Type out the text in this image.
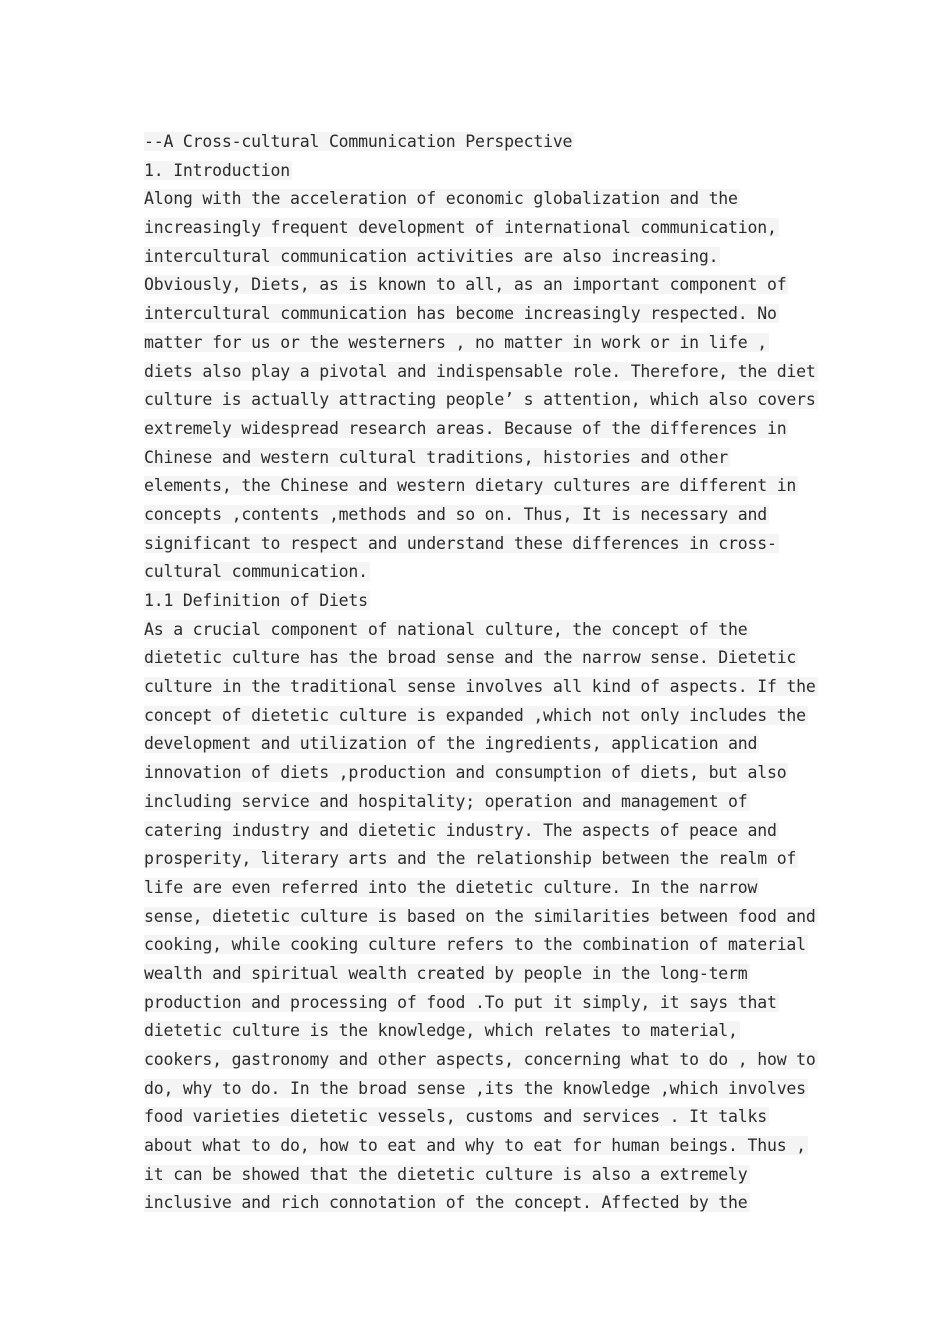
--A Cross-cultural Communication Perspective
1. Introduction
Along with the acceleration of economic globalization and the
increasingly frequent development of international communication,
intercultural communication activities are also increasing.
Obviously, Diets, as is known to all, as an important component of
intercultural communication has become increasingly respected. No
matter for us or the westerners , no matter in work or in life ,
diets also play a pivotal and indispensable role. Therefore, the diet
culture is actually attracting people’ s attention, which also covers
extremely widespread research areas. Because of the differences in
Chinese and western cultural traditions, histories and other
elements, the Chinese and western dietary cultures are different in
concepts ,contents ,methods and so on. Thus, It is necessary and
significant to respect and understand these differences in cross-
cultural communication.
1.1 Definition of Diets
As a crucial component of national culture, the concept of the
dietetic culture has the broad sense and the narrow sense. Dietetic
culture in the traditional sense involves all kind of aspects. If the
concept of dietetic culture is expanded ,which not only includes the
development and utilization of the ingredients, application and
innovation of diets ,production and consumption of diets, but also
including service and hospitality; operation and management of
catering industry and dietetic industry. The aspects of peace and
prosperity, literary arts and the relationship between the realm of
life are even referred into the dietetic culture. In the narrow
sense, dietetic culture is based on the similarities between food and
cooking, while cooking culture refers to the combination of material
wealth and spiritual wealth created by people in the long-term
production and processing of food .To put it simply, it says that
dietetic culture is the knowledge, which relates to material,
cookers, gastronomy and other aspects, concerning what to do , how to
do, why to do. In the broad sense ,its the knowledge ,which involves
food varieties dietetic vessels, customs and services . It talks
about what to do, how to eat and why to eat for human beings. Thus ,
it can be showed that the dietetic culture is also a extremely
inclusive and rich connotation of the concept. Affected by the
